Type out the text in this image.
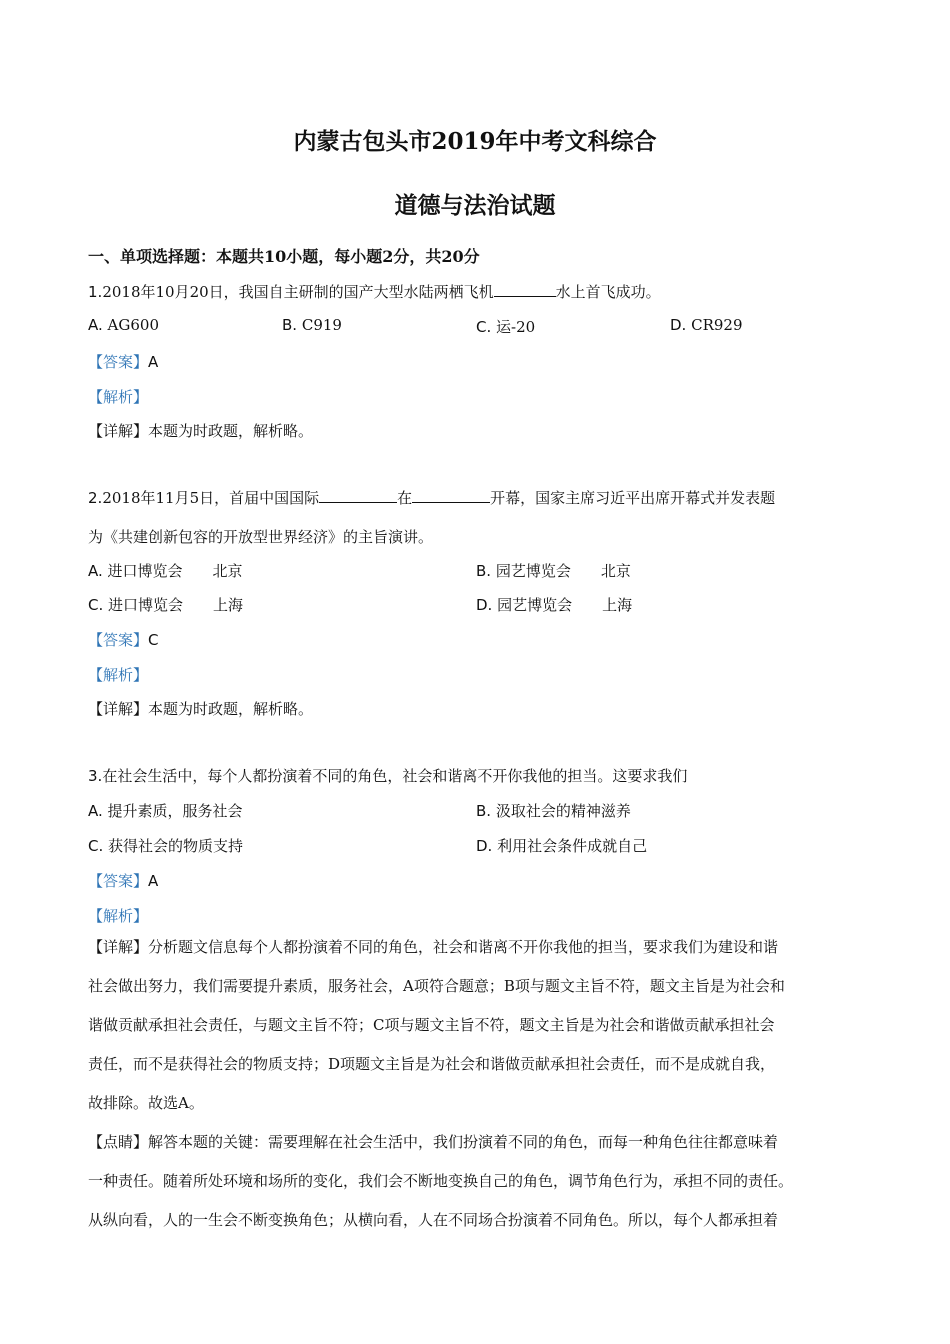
内蒙古包头市2019年中考文科综合
道德与法治试题
一、单项选择题：本题共10小题，每小题2分，共20分
1.2018年10月20日，我国自主研制的国产大型水陆两栖飞机	水上首飞成功。
A. AG600	B. C919	C. 运-20	D. CR929
【答案】A
【解析】
【详解】本题为时政题，解析略。
2.2018年11月5日，首届中国国际	在	开幕，国家主席习近平出席开幕式并发表题
为《共建创新包容的开放型世界经济》的主旨演讲。
A. 进口博览会　　北京	B. 园艺博览会　　北京
C. 进口博览会　　上海	D. 园艺博览会　　上海
【答案】C
【解析】
【详解】本题为时政题，解析略。
3.在社会生活中，每个人都扮演着不同的角色，社会和谐离不开你我他的担当。这要求我们
A. 提升素质，服务社会	B. 汲取社会的精神滋养
C. 获得社会的物质支持	D. 利用社会条件成就自己
【答案】A
【解析】
【详解】分析题文信息每个人都扮演着不同的角色，社会和谐离不开你我他的担当，要求我们为建设和谐
社会做出努力，我们需要提升素质，服务社会，A项符合题意；B项与题文主旨不符，题文主旨是为社会和
谐做贡献承担社会责任，与题文主旨不符；C项与题文主旨不符，题文主旨是为社会和谐做贡献承担社会
责任，而不是获得社会的物质支持；D项题文主旨是为社会和谐做贡献承担社会责任，而不是成就自我，
故排除。故选A。
【点睛】解答本题的关键：需要理解在社会生活中，我们扮演着不同的角色，而每一种角色往往都意味着
一种责任。随着所处环境和场所的变化，我们会不断地变换自己的角色，调节角色行为，承担不同的责任。
从纵向看，人的一生会不断变换角色；从横向看，人在不同场合扮演着不同角色。所以，每个人都承担着
